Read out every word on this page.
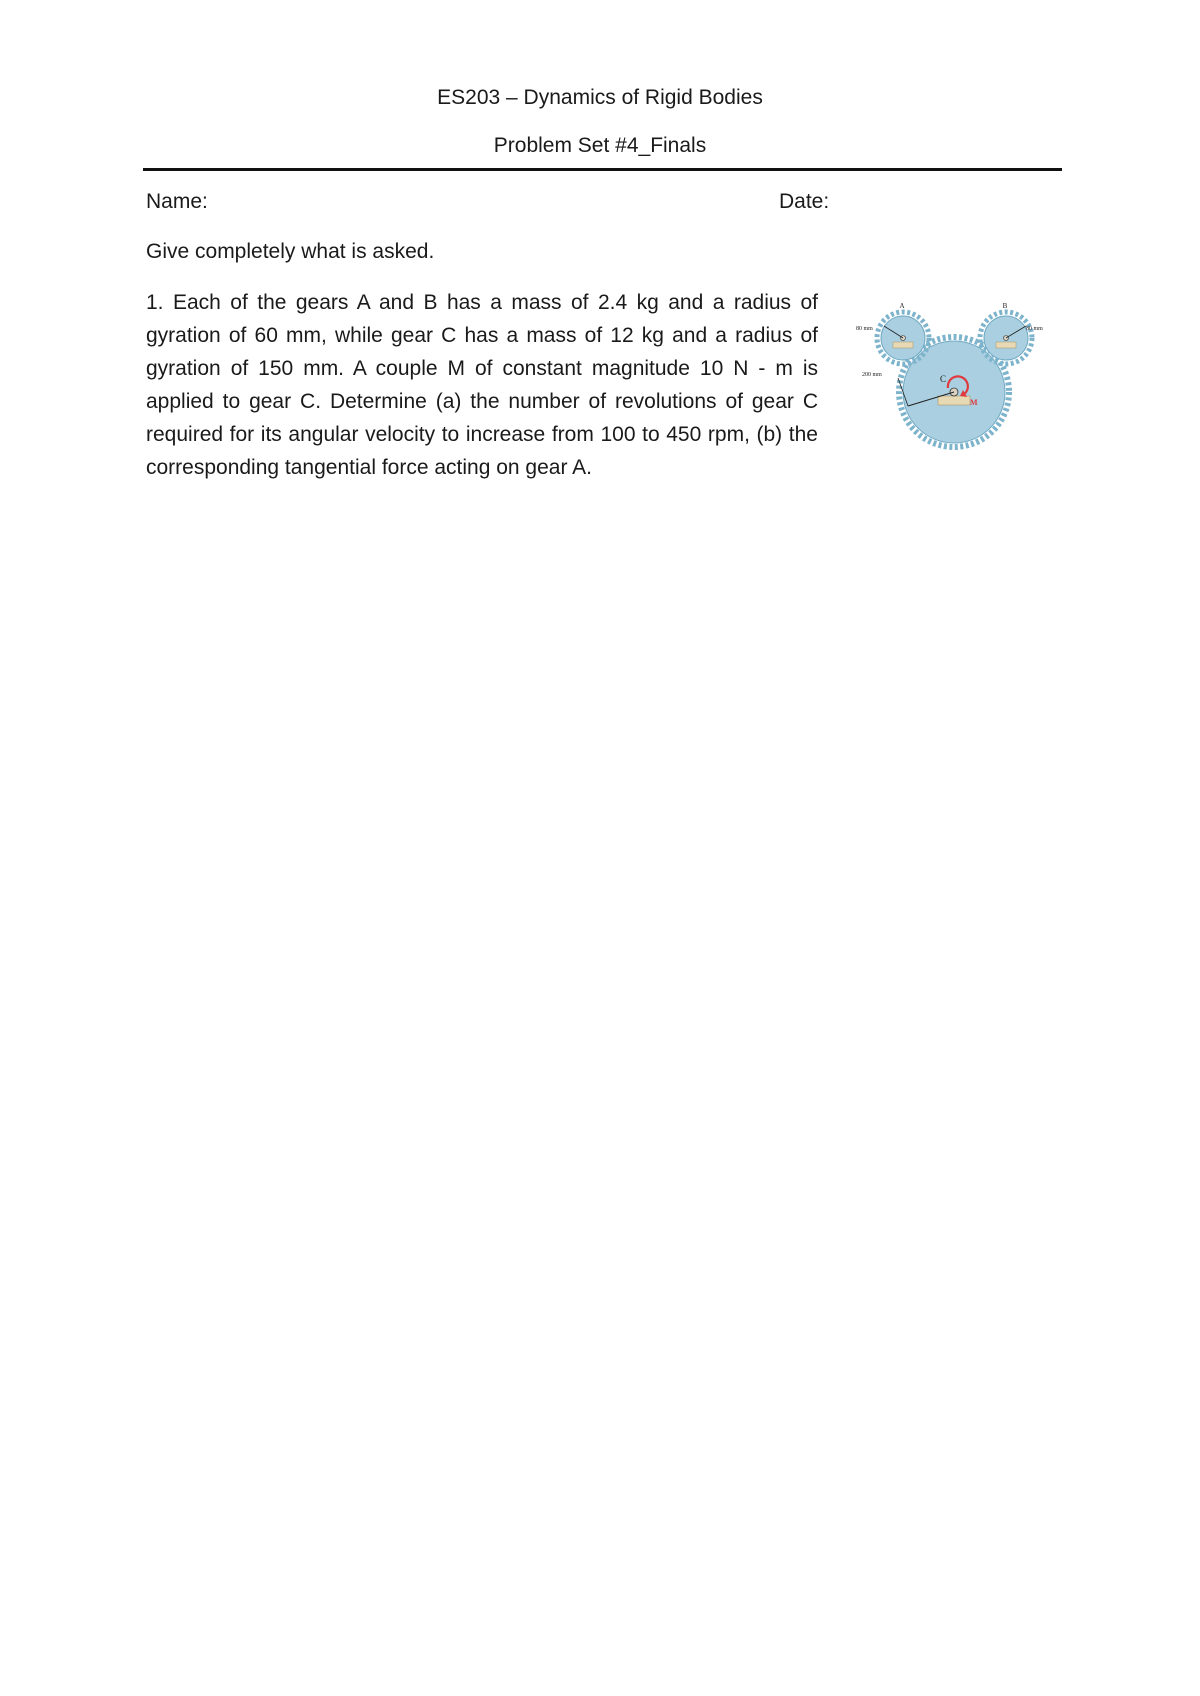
ES203 – Dynamics of Rigid Bodies
Problem Set #4_Finals
Name:	Date:
Give completely what is asked.
1. Each of the gears A and B has a mass of 2.4 kg and a radius of gyration of 60 mm, while gear C has a mass of 12 kg and a radius of gyration of 150 mm. A couple M of constant magnitude 10 N - m is applied to gear C. Determine (a) the number of revolutions of gear C required for its angular velocity to increase from 100 to 450 rpm, (b) the corresponding tangential force acting on gear A.
A	B
C
M
80 mm	80 mm
200 mm
